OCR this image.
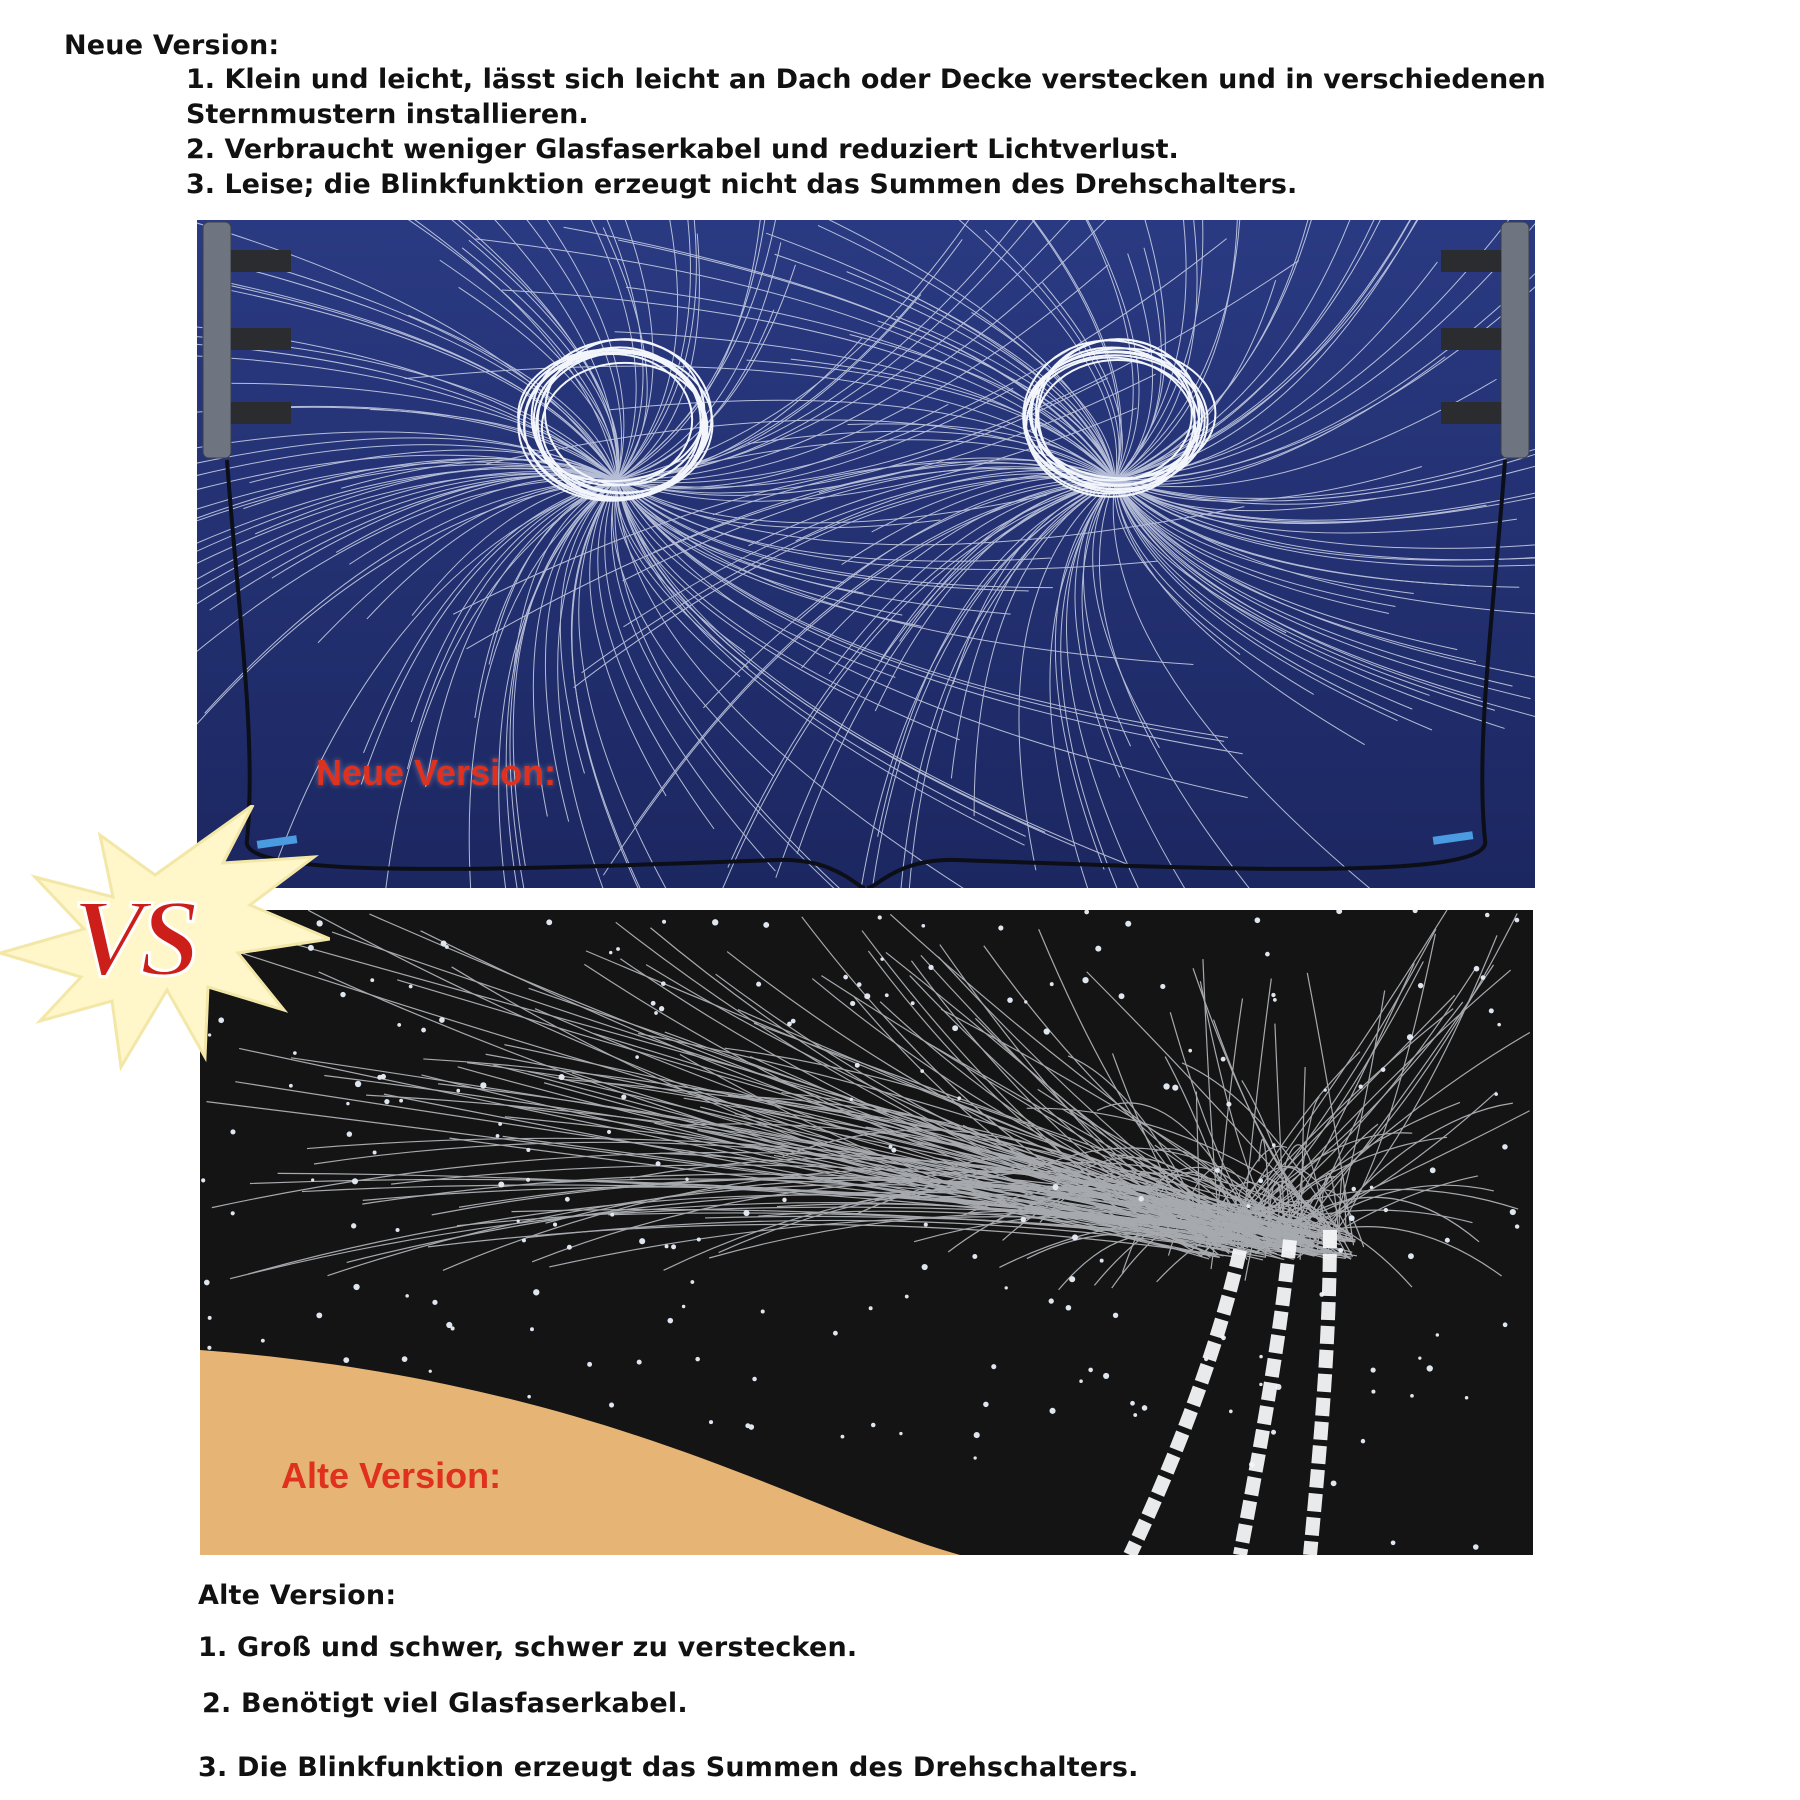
Neue Version:
1. Klein und leicht, lässt sich leicht an Dach oder Decke verstecken und in verschiedenen Sternmustern installieren.
2. Verbraucht weniger Glasfaserkabel und reduziert Lichtverlust.
3. Leise; die Blinkfunktion erzeugt nicht das Summen des Drehschalters.
Neue Version:
Alte Version:
VS
Alte Version:
1. Groß und schwer, schwer zu verstecken.
2. Benötigt viel Glasfaserkabel.
3. Die Blinkfunktion erzeugt das Summen des Drehschalters.
